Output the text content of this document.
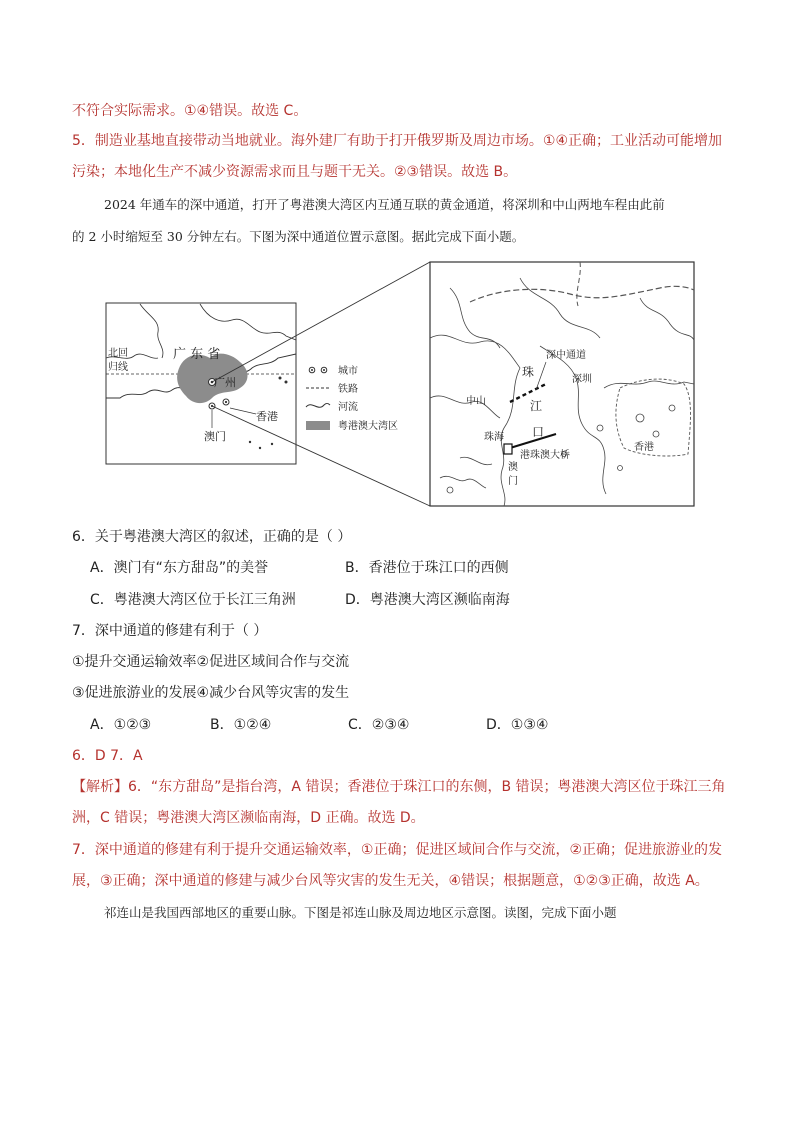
不符合实际需求。①④错误。故选 C。
5．制造业基地直接带动当地就业。海外建厂有助于打开俄罗斯及周边市场。①④正确；工业活动可能增加
污染；本地化生产不减少资源需求而且与题干无关。②③错误。故选 B。
2024 年通车的深中通道，打开了粤港澳大湾区内互通互联的黄金通道，将深圳和中山两地车程由此前
的 2 小时缩短至 30 分钟左右。下图为深中通道位置示意图。据此完成下面小题。
广 东 省
广州
香港
澳门
北回
归线	城市
铁路
河流
粤港澳大湾区
深中通道
珠
江
口
深圳
中山
珠海
澳
门
港珠澳大桥
香港
6．关于粤港澳大湾区的叙述，正确的是（ ）
A．澳门有“东方甜岛”的美誉	B．香港位于珠江口的西侧
C．粤港澳大湾区位于长江三角洲	D．粤港澳大湾区濒临南海
7．深中通道的修建有利于（ ）
①提升交通运输效率②促进区域间合作与交流
③促进旅游业的发展④减少台风等灾害的发生
A．①②③	B．①②④	C．②③④	D．①③④
6．D 7．A
【解析】6．“东方甜岛”是指台湾，A 错误；香港位于珠江口的东侧，B 错误；粤港澳大湾区位于珠江三角
洲，C 错误；粤港澳大湾区濒临南海，D 正确。故选 D。
7．深中通道的修建有利于提升交通运输效率，①正确；促进区域间合作与交流，②正确；促进旅游业的发
展，③正确；深中通道的修建与减少台风等灾害的发生无关，④错误；根据题意，①②③正确，故选 A。
祁连山是我国西部地区的重要山脉。下图是祁连山脉及周边地区示意图。读图，完成下面小题
